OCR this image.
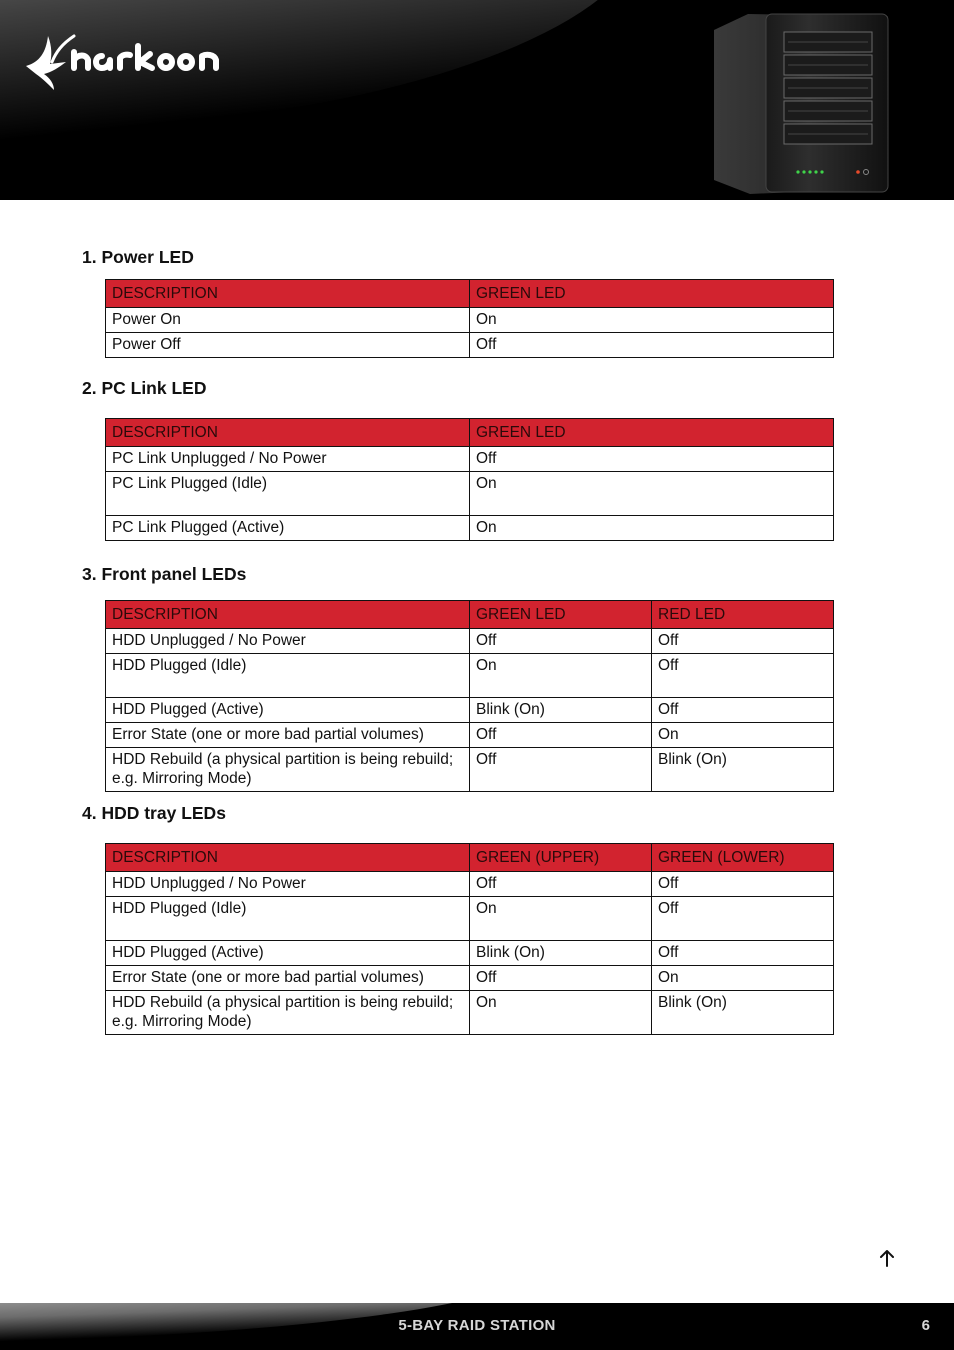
1. Power LED
DESCRIPTION	GREEN LED
Power On	On
Power Off	Off
2. PC Link LED
DESCRIPTION	GREEN LED
PC Link Unplugged / No Power	Off
PC Link Plugged (Idle)	On
PC Link Plugged (Active)	On
3. Front panel LEDs
DESCRIPTION	GREEN LED	RED LED
HDD Unplugged / No Power	Off	Off
HDD Plugged (Idle)	On	Off
HDD Plugged (Active)	Blink (On)	Off
Error State (one or more bad partial volumes)	Off	On
HDD Rebuild (a physical partition is being rebuild; e.g. Mirroring Mode)	Off	Blink (On)
4. HDD tray LEDs
DESCRIPTION	GREEN (UPPER)	GREEN (LOWER)
HDD Unplugged / No Power	Off	Off
HDD Plugged (Idle)	On	Off
HDD Plugged (Active)	Blink (On)	Off
Error State (one or more bad partial volumes)	Off	On
HDD Rebuild (a physical partition is being rebuild; e.g. Mirroring Mode)	On	Blink (On)
5-BAY RAID STATION	6
